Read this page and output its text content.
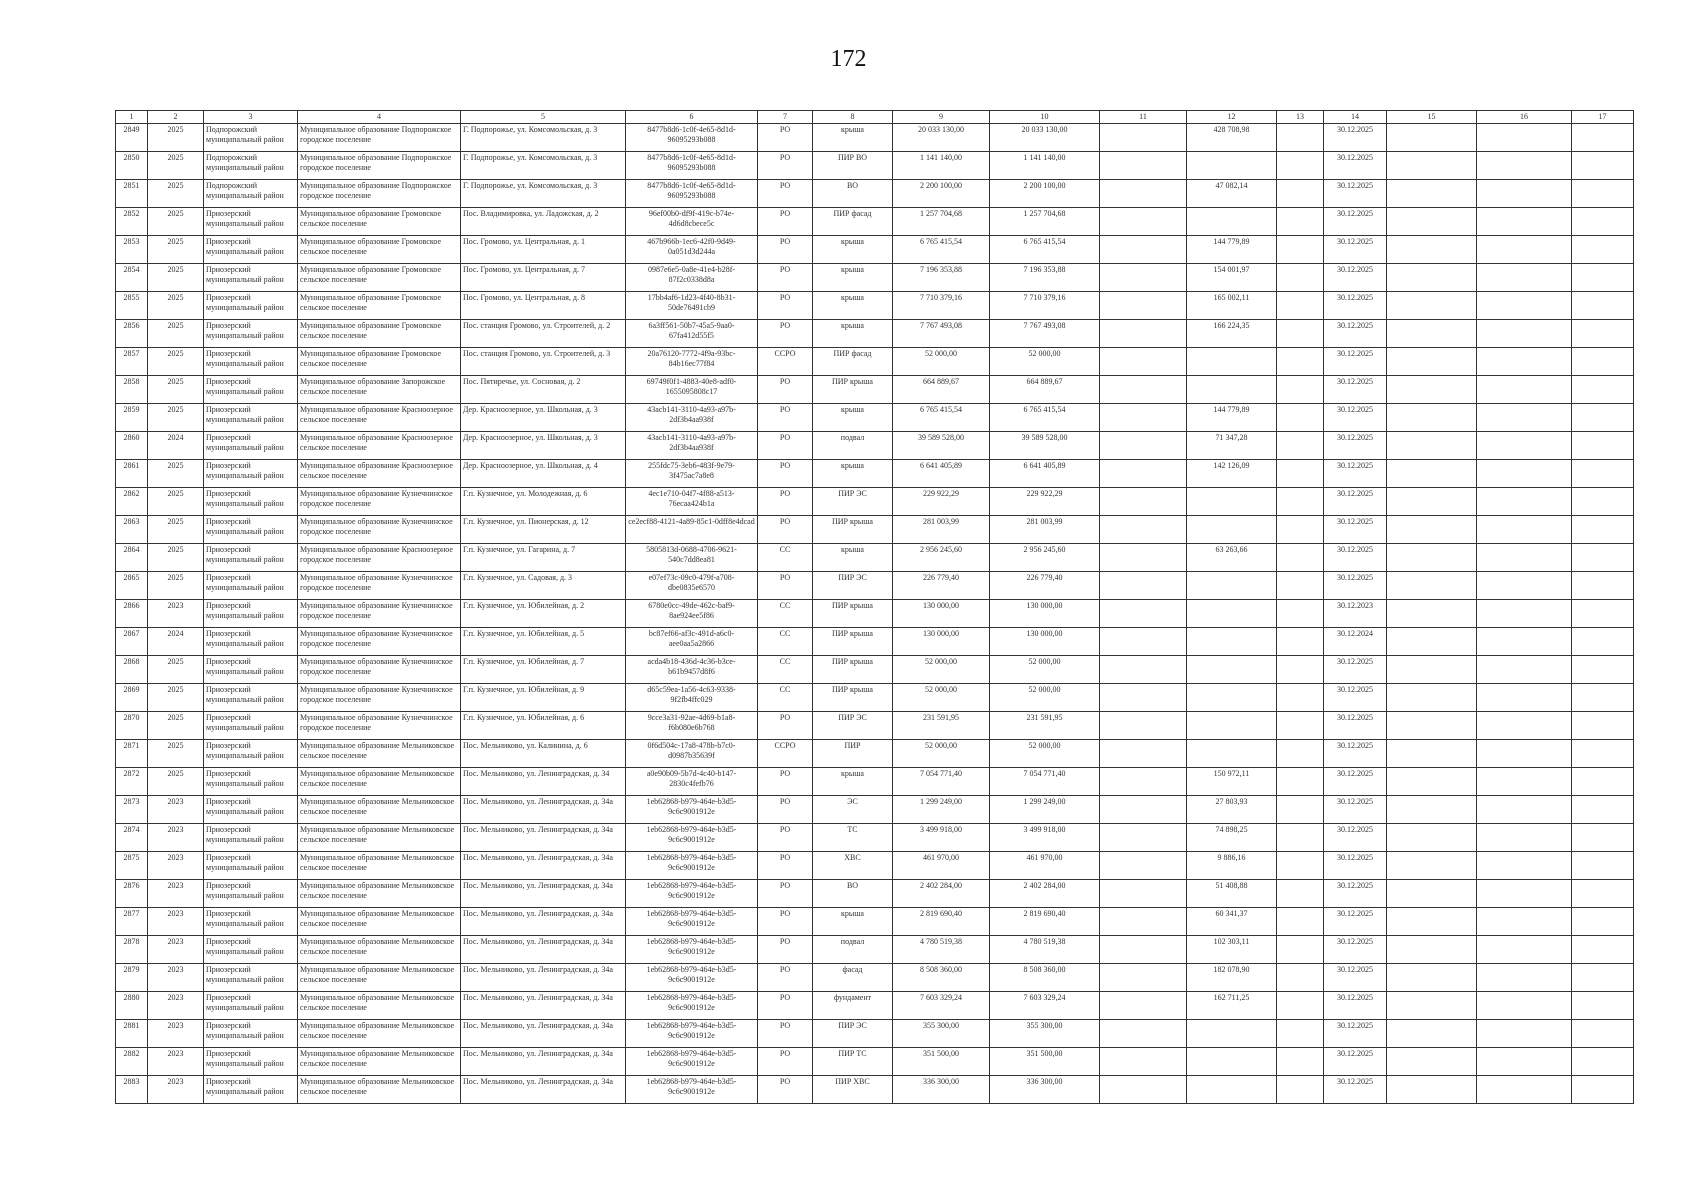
172
1	2	3	4	5	6	7	8	9	10	11	12	13	14	15	16	17
2849	2025	Подпорожский муниципальный район	Муниципальное образование Подпорожское городское поселение	Г. Подпорожье, ул. Комсомольская, д. 3	8477b8d6-1c0f-4e65-8d1d-96095293b088	РО	крыша	20 033 130,00	20 033 130,00		428 708,98		30.12.2025			
2850	2025	Подпорожский муниципальный район	Муниципальное образование Подпорожское городское поселение	Г. Подпорожье, ул. Комсомольская, д. 3	8477b8d6-1c0f-4e65-8d1d-96095293b088	РО	ПИР ВО	1 141 140,00	1 141 140,00				30.12.2025			
2851	2025	Подпорожский муниципальный район	Муниципальное образование Подпорожское городское поселение	Г. Подпорожье, ул. Комсомольская, д. 3	8477b8d6-1c0f-4e65-8d1d-96095293b088	РО	ВО	2 200 100,00	2 200 100,00		47 082,14		30.12.2025			
2852	2025	Приозерский муниципальный район	Муниципальное образование Громовское сельское поселение	Пос. Владимировка, ул. Ладожская, д. 2	96ef00b0-df9f-419c-b74e-4d6d8cbece5c	РО	ПИР фасад	1 257 704,68	1 257 704,68				30.12.2025			
2853	2025	Приозерский муниципальный район	Муниципальное образование Громовское сельское поселение	Пос. Громово, ул. Центральная, д. 1	467b966b-1ec6-42f0-9d49-0a051d3d244a	РО	крыша	6 765 415,54	6 765 415,54		144 779,89		30.12.2025			
2854	2025	Приозерский муниципальный район	Муниципальное образование Громовское сельское поселение	Пос. Громово, ул. Центральная, д. 7	0987e6e5-0a8e-41e4-b28f-87f2c0338d8a	РО	крыша	7 196 353,88	7 196 353,88		154 001,97		30.12.2025			
2855	2025	Приозерский муниципальный район	Муниципальное образование Громовское сельское поселение	Пос. Громово, ул. Центральная, д. 8	17bb4af6-1d23-4f40-8b31-50de76491cb9	РО	крыша	7 710 379,16	7 710 379,16		165 002,11		30.12.2025			
2856	2025	Приозерский муниципальный район	Муниципальное образование Громовское сельское поселение	Пос. станция Громово, ул. Строителей, д. 2	6a3ff561-50b7-45a5-9aa0-67fa412d55f5	РО	крыша	7 767 493,08	7 767 493,08		166 224,35		30.12.2025			
2857	2025	Приозерский муниципальный район	Муниципальное образование Громовское сельское поселение	Пос. станция Громово, ул. Строителей, д. 3	20a76120-7772-4f9a-93bc-84b16ec77f84	ССРО	ПИР фасад	52 000,00	52 000,00				30.12.2025			
2858	2025	Приозерский муниципальный район	Муниципальное образование Запорожское сельское поселение	Пос. Пятиречье, ул. Сосновая, д. 2	69749f0f1-4883-40e8-adf0-1655095808c17	РО	ПИР крыша	664 889,67	664 889,67				30.12.2025			
2859	2025	Приозерский муниципальный район	Муниципальное образование Красноозерное сельское поселение	Дер. Красноозерное, ул. Школьная, д. 3	43acb141-3110-4a93-a97b-2df3b4aa938f	РО	крыша	6 765 415,54	6 765 415,54		144 779,89		30.12.2025			
2860	2024	Приозерский муниципальный район	Муниципальное образование Красноозерное сельское поселение	Дер. Красноозерное, ул. Школьная, д. 3	43acb141-3110-4a93-a97b-2df3b4aa938f	РО	подвал	39 589 528,00	39 589 528,00		71 347,28		30.12.2025			
2861	2025	Приозерский муниципальный район	Муниципальное образование Красноозерное сельское поселение	Дер. Красноозерное, ул. Школьная, д. 4	255fdc75-3eb6-483f-9e79-3f475ac7a8e8	РО	крыша	6 641 405,89	6 641 405,89		142 126,09		30.12.2025			
2862	2025	Приозерский муниципальный район	Муниципальное образование Кузнечнинское городское поселение	Г.п. Кузнечное, ул. Молодежная, д. 6	4ec1e710-04f7-4f88-a513-76ecaa424b1a	РО	ПИР ЭС	229 922,29	229 922,29				30.12.2025			
2863	2025	Приозерский муниципальный район	Муниципальное образование Кузнечнинское городское поселение	Г.п. Кузнечное, ул. Пионерская, д. 12	ce2ecf88-4121-4a89-85c1-0dff8e4dcad	РО	ПИР крыша	281 003,99	281 003,99				30.12.2025			
2864	2025	Приозерский муниципальный район	Муниципальное образование Красноозерное городское поселение	Г.п. Кузнечное, ул. Гагарина, д. 7	5805813d-0688-4706-9621-540c7dd8ea81	СС	крыша	2 956 245,60	2 956 245,60		63 263,66		30.12.2025			
2865	2025	Приозерский муниципальный район	Муниципальное образование Кузнечнинское городское поселение	Г.п. Кузнечное, ул. Садовая, д. 3	e07ef73c-09c0-479f-a708-dbe0835e6570	РО	ПИР ЭС	226 779,40	226 779,40				30.12.2025			
2866	2023	Приозерский муниципальный район	Муниципальное образование Кузнечнинское городское поселение	Г.п. Кузнечное, ул. Юбилейная, д. 2	6780e0cc-49de-462c-baf9-8ae924ee5f86	СС	ПИР крыша	130 000,00	130 000,00				30.12.2023			
2867	2024	Приозерский муниципальный район	Муниципальное образование Кузнечнинское городское поселение	Г.п. Кузнечное, ул. Юбилейная, д. 5	bc87ef66-af3c-491d-a6c0-aee0aa5a2866	СС	ПИР крыша	130 000,00	130 000,00				30.12.2024			
2868	2025	Приозерский муниципальный район	Муниципальное образование Кузнечнинское городское поселение	Г.п. Кузнечное, ул. Юбилейная, д. 7	acda4b18-436d-4c36-b3ce-b61b9457d8f6	СС	ПИР крыша	52 000,00	52 000,00				30.12.2025			
2869	2025	Приозерский муниципальный район	Муниципальное образование Кузнечнинское городское поселение	Г.п. Кузнечное, ул. Юбилейная, д. 9	d65c59ea-1a56-4c63-9338-9f2fb4ffc029	СС	ПИР крыша	52 000,00	52 000,00				30.12.2025			
2870	2025	Приозерский муниципальный район	Муниципальное образование Кузнечнинское городское поселение	Г.п. Кузнечное, ул. Юбилейная, д. 6	9cce3a31-92ae-4d69-b1a8-f6b080e6b768	РО	ПИР ЭС	231 591,95	231 591,95				30.12.2025			
2871	2025	Приозерский муниципальный район	Муниципальное образование Мельниковское сельское поселение	Пос. Мельниково, ул. Калинина, д. 6	0f6d504c-17a8-478b-b7c0-d0987b35639f	ССРО	ПИР	52 000,00	52 000,00				30.12.2025			
2872	2025	Приозерский муниципальный район	Муниципальное образование Мельниковское сельское поселение	Пос. Мельниково, ул. Ленинградская, д. 34	a0e90b09-5b7d-4c40-b147-2830c4fefb76	РО	крыша	7 054 771,40	7 054 771,40		150 972,11		30.12.2025			
2873	2023	Приозерский муниципальный район	Муниципальное образование Мельниковское сельское поселение	Пос. Мельниково, ул. Ленинградская, д. 34а	1eb62868-b979-464e-b3d5-9c6c9001912e	РО	ЭС	1 299 249,00	1 299 249,00		27 803,93		30.12.2025			
2874	2023	Приозерский муниципальный район	Муниципальное образование Мельниковское сельское поселение	Пос. Мельниково, ул. Ленинградская, д. 34а	1eb62868-b979-464e-b3d5-9c6c9001912e	РО	ТС	3 499 918,00	3 499 918,00		74 898,25		30.12.2025			
2875	2023	Приозерский муниципальный район	Муниципальное образование Мельниковское сельское поселение	Пос. Мельниково, ул. Ленинградская, д. 34а	1eb62868-b979-464e-b3d5-9c6c9001912e	РО	ХВС	461 970,00	461 970,00		9 886,16		30.12.2025			
2876	2023	Приозерский муниципальный район	Муниципальное образование Мельниковское сельское поселение	Пос. Мельниково, ул. Ленинградская, д. 34а	1eb62868-b979-464e-b3d5-9c6c9001912e	РО	ВО	2 402 284,00	2 402 284,00		51 408,88		30.12.2025			
2877	2023	Приозерский муниципальный район	Муниципальное образование Мельниковское сельское поселение	Пос. Мельниково, ул. Ленинградская, д. 34а	1eb62868-b979-464e-b3d5-9c6c9001912e	РО	крыша	2 819 690,40	2 819 690,40		60 341,37		30.12.2025			
2878	2023	Приозерский муниципальный район	Муниципальное образование Мельниковское сельское поселение	Пос. Мельниково, ул. Ленинградская, д. 34а	1eb62868-b979-464e-b3d5-9c6c9001912e	РО	подвал	4 780 519,38	4 780 519,38		102 303,11		30.12.2025			
2879	2023	Приозерский муниципальный район	Муниципальное образование Мельниковское сельское поселение	Пос. Мельниково, ул. Ленинградская, д. 34а	1eb62868-b979-464e-b3d5-9c6c9001912e	РО	фасад	8 508 360,00	8 508 360,00		182 078,90		30.12.2025			
2880	2023	Приозерский муниципальный район	Муниципальное образование Мельниковское сельское поселение	Пос. Мельниково, ул. Ленинградская, д. 34а	1eb62868-b979-464e-b3d5-9c6c9001912e	РО	фундамент	7 603 329,24	7 603 329,24		162 711,25		30.12.2025			
2881	2023	Приозерский муниципальный район	Муниципальное образование Мельниковское сельское поселение	Пос. Мельниково, ул. Ленинградская, д. 34а	1eb62868-b979-464e-b3d5-9c6c9001912e	РО	ПИР ЭС	355 300,00	355 300,00				30.12.2025			
2882	2023	Приозерский муниципальный район	Муниципальное образование Мельниковское сельское поселение	Пос. Мельниково, ул. Ленинградская, д. 34а	1eb62868-b979-464e-b3d5-9c6c9001912e	РО	ПИР ТС	351 500,00	351 500,00				30.12.2025			
2883	2023	Приозерский муниципальный район	Муниципальное образование Мельниковское сельское поселение	Пос. Мельниково, ул. Ленинградская, д. 34а	1eb62868-b979-464e-b3d5-9c6c9001912e	РО	ПИР ХВС	336 300,00	336 300,00				30.12.2025			
